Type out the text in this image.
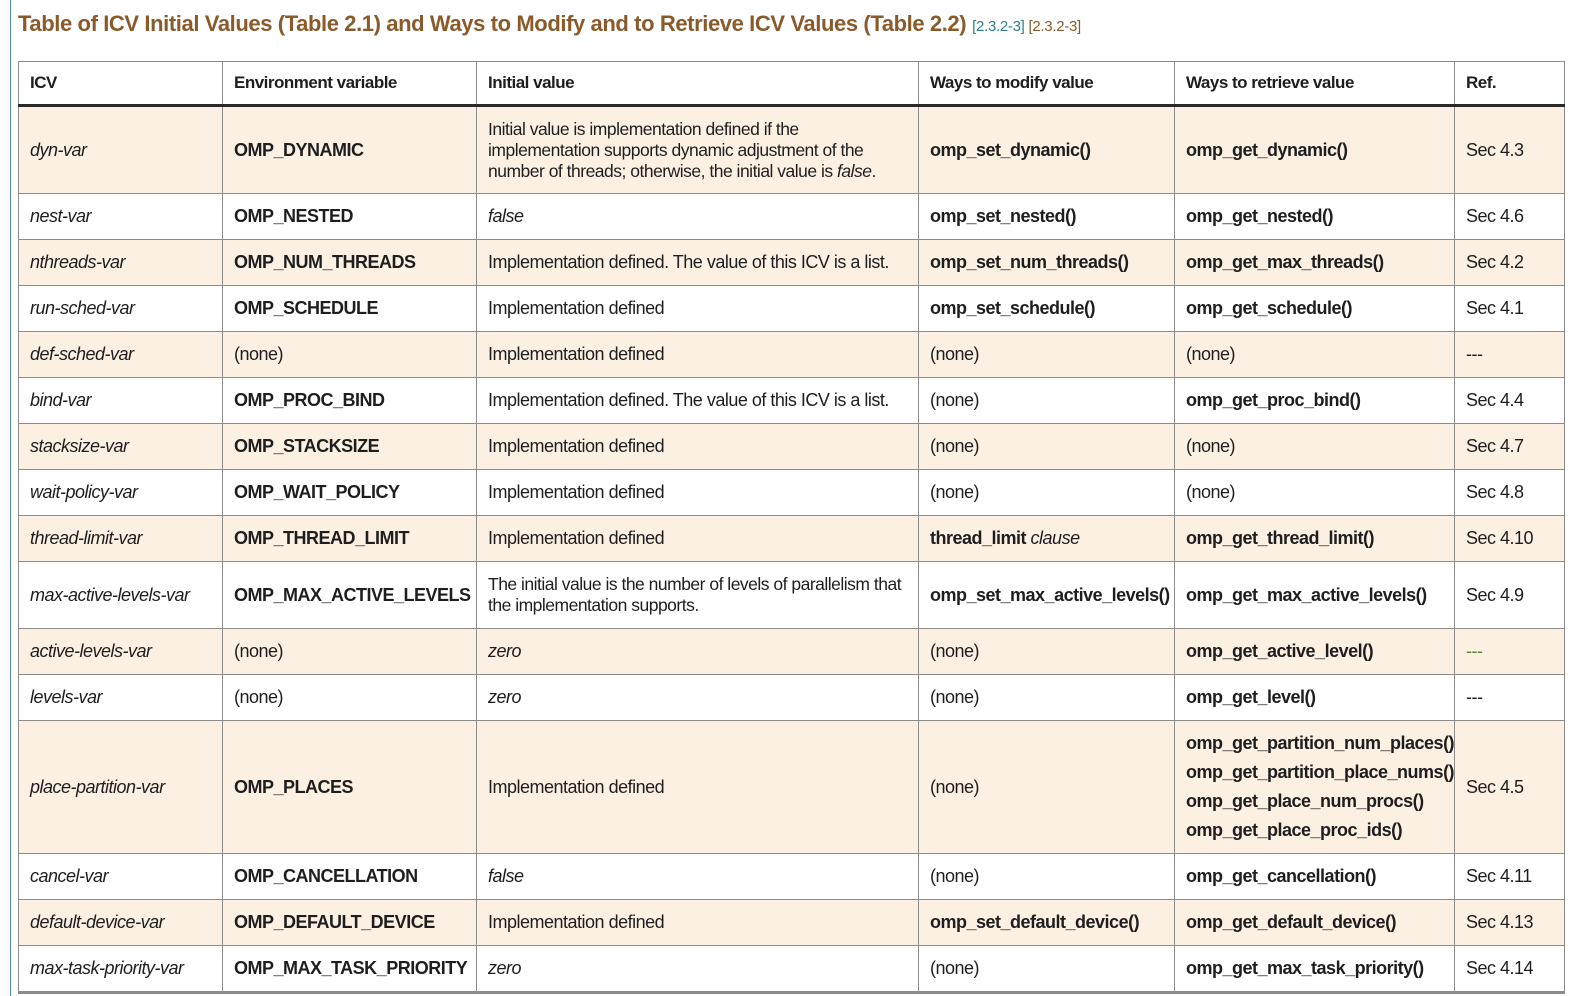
Table of ICV Initial Values (Table 2.1) and Ways to Modify and to Retrieve ICV Values (Table 2.2) [2.3.2-3] [2.3.2-3]
ICV	Environment variable	Initial value	Ways to modify value	Ways to retrieve value	Ref.
dyn-var	OMP_DYNAMIC	Initial value is implementation defined if the implementation supports dynamic adjustment of the number of threads; otherwise, the initial value is false.	omp_set_dynamic()	omp_get_dynamic()	Sec 4.3
nest-var	OMP_NESTED	false	omp_set_nested()	omp_get_nested()	Sec 4.6
nthreads-var	OMP_NUM_THREADS	Implementation defined. The value of this ICV is a list.	omp_set_num_threads()	omp_get_max_threads()	Sec 4.2
run-sched-var	OMP_SCHEDULE	Implementation defined	omp_set_schedule()	omp_get_schedule()	Sec 4.1
def-sched-var	(none)	Implementation defined	(none)	(none)	---
bind-var	OMP_PROC_BIND	Implementation defined. The value of this ICV is a list.	(none)	omp_get_proc_bind()	Sec 4.4
stacksize-var	OMP_STACKSIZE	Implementation defined	(none)	(none)	Sec 4.7
wait-policy-var	OMP_WAIT_POLICY	Implementation defined	(none)	(none)	Sec 4.8
thread-limit-var	OMP_THREAD_LIMIT	Implementation defined	thread_limit clause	omp_get_thread_limit()	Sec 4.10
max-active-levels-var	OMP_MAX_ACTIVE_LEVELS	The initial value is the number of levels of parallelism that the implementation supports.	omp_set_max_active_levels()	omp_get_max_active_levels()	Sec 4.9
active-levels-var	(none)	zero	(none)	omp_get_active_level()	---
levels-var	(none)	zero	(none)	omp_get_level()	---
place-partition-var	OMP_PLACES	Implementation defined	(none)	omp_get_partition_num_places()
omp_get_partition_place_nums()
omp_get_place_num_procs()
omp_get_place_proc_ids()	Sec 4.5
cancel-var	OMP_CANCELLATION	false	(none)	omp_get_cancellation()	Sec 4.11
default-device-var	OMP_DEFAULT_DEVICE	Implementation defined	omp_set_default_device()	omp_get_default_device()	Sec 4.13
max-task-priority-var	OMP_MAX_TASK_PRIORITY	zero	(none)	omp_get_max_task_priority()	Sec 4.14
